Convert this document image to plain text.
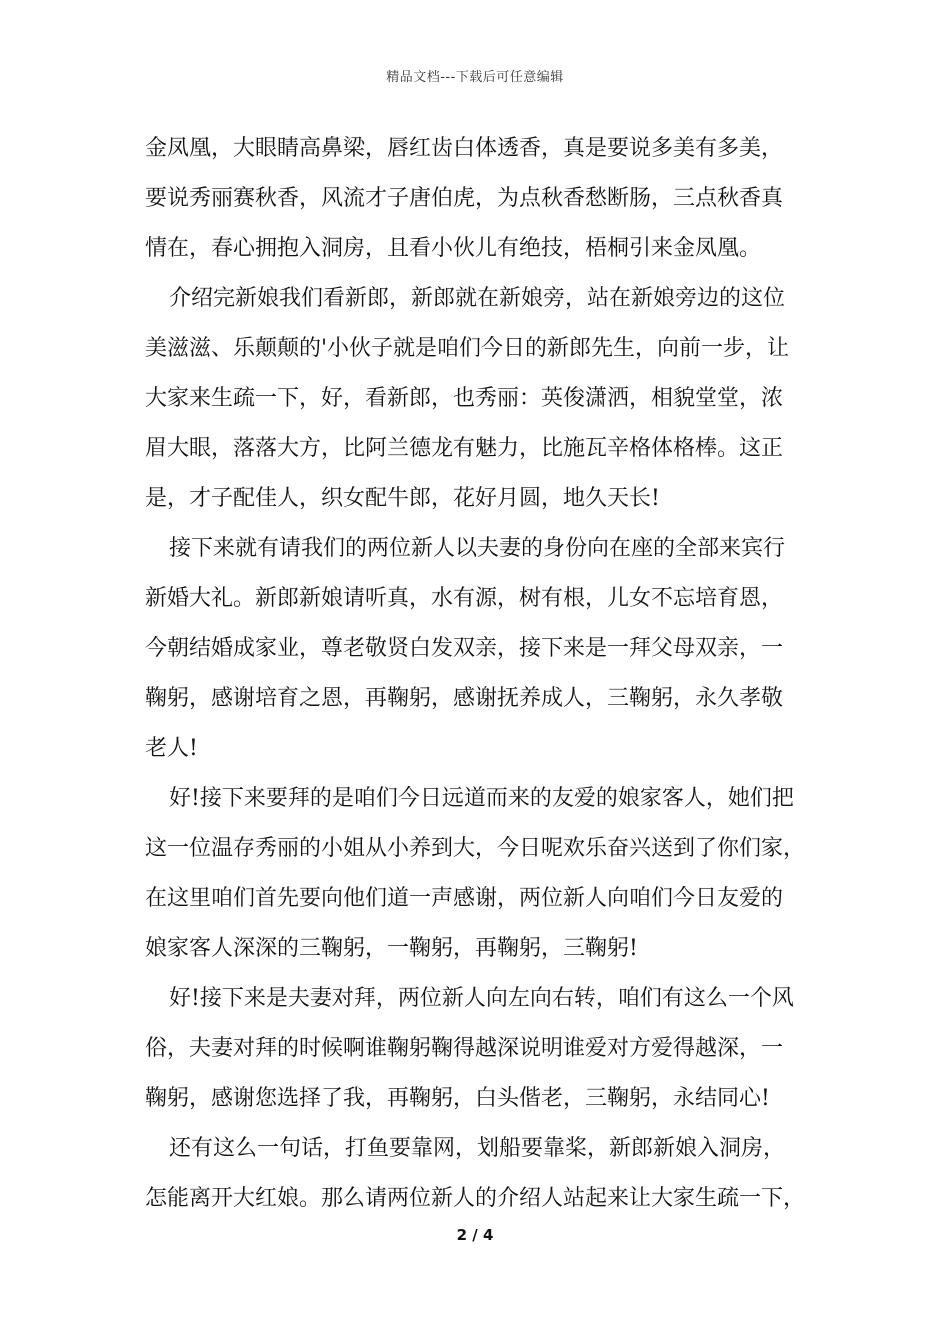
精品文档---下载后可任意编辑
金凤凰，大眼睛高鼻梁，唇红齿白体透香，真是要说多美有多美，
要说秀丽赛秋香，风流才子唐伯虎，为点秋香愁断肠，三点秋香真
情在，春心拥抱入洞房，且看小伙儿有绝技，梧桐引来金凤凰。
介绍完新娘我们看新郎，新郎就在新娘旁，站在新娘旁边的这位
美滋滋、乐颠颠的'小伙子就是咱们今日的新郎先生，向前一步，让
大家来生疏一下，好，看新郎，也秀丽：英俊潇洒，相貌堂堂，浓
眉大眼，落落大方，比阿兰德龙有魅力，比施瓦辛格体格棒。这正
是，才子配佳人，织女配牛郎，花好月圆，地久天长!
接下来就有请我们的两位新人以夫妻的身份向在座的全部来宾行
新婚大礼。新郎新娘请听真，水有源，树有根，儿女不忘培育恩，
今朝结婚成家业，尊老敬贤白发双亲，接下来是一拜父母双亲，一
鞠躬，感谢培育之恩，再鞠躬，感谢抚养成人，三鞠躬，永久孝敬
老人!
好!接下来要拜的是咱们今日远道而来的友爱的娘家客人，她们把
这一位温存秀丽的小姐从小养到大，今日呢欢乐奋兴送到了你们家，
在这里咱们首先要向他们道一声感谢，两位新人向咱们今日友爱的
娘家客人深深的三鞠躬，一鞠躬，再鞠躬，三鞠躬!
好!接下来是夫妻对拜，两位新人向左向右转，咱们有这么一个风
俗，夫妻对拜的时候啊谁鞠躬鞠得越深说明谁爱对方爱得越深，一
鞠躬，感谢您选择了我，再鞠躬，白头偕老，三鞠躬，永结同心!
还有这么一句话，打鱼要靠网，划船要靠桨，新郎新娘入洞房，
怎能离开大红娘。那么请两位新人的介绍人站起来让大家生疏一下，
2 / 4
